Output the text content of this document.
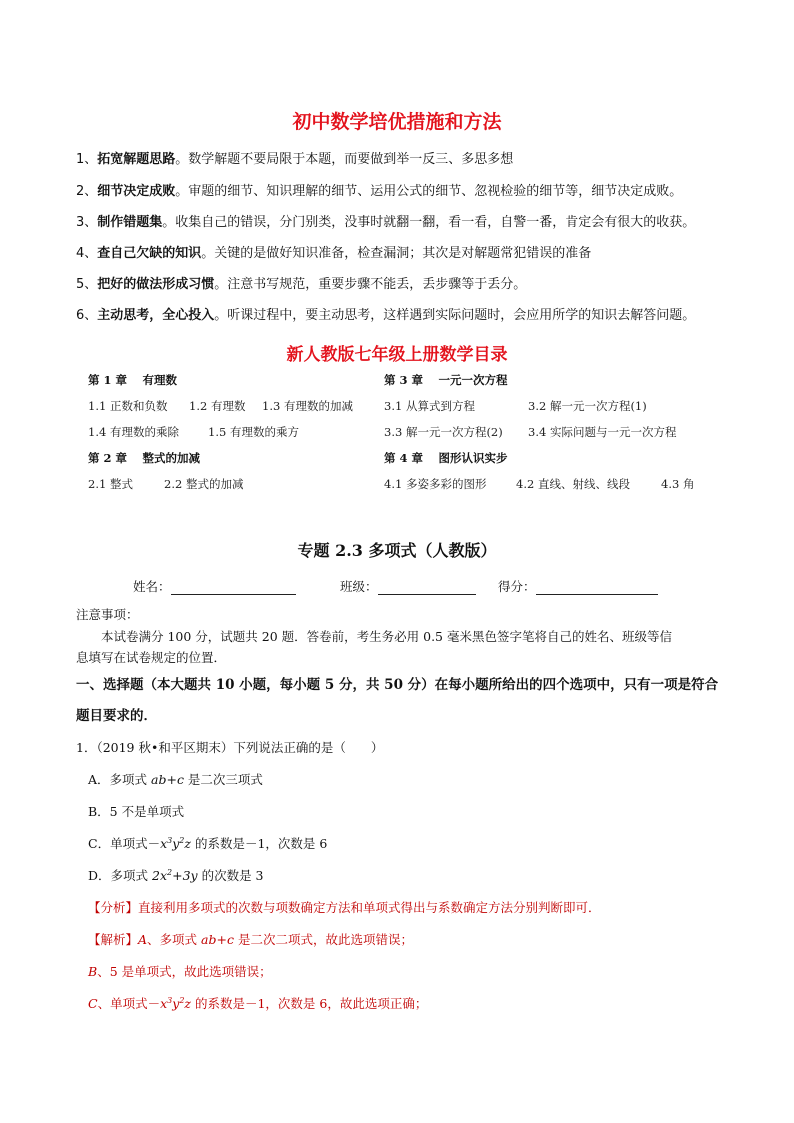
初中数学培优措施和方法
1、拓宽解题思路。数学解题不要局限于本题，而要做到举一反三、多思多想
2、细节决定成败。审题的细节、知识理解的细节、运用公式的细节、忽视检验的细节等，细节决定成败。
3、制作错题集。收集自己的错误，分门别类，没事时就翻一翻，看一看，自警一番，肯定会有很大的收获。
4、查自己欠缺的知识。关键的是做好知识准备，检查漏洞；其次是对解题常犯错误的准备
5、把好的做法形成习惯。注意书写规范，重要步骤不能丢，丢步骤等于丢分。
6、主动思考，全心投入。听课过程中，要主动思考，这样遇到实际问题时，会应用所学的知识去解答问题。
新人教版七年级上册数学目录
第 1 章　 有理数
1.1 正数和负数 1.2 有理数 1.3 有理数的加减
1.4 有理数的乘除	1.5 有理数的乘方
第 2 章　 整式的加减
2.1 整式	2.2 整式的加减
第 3 章　 一元一次方程
3.1 从算式到方程	3.2 解一元一次方程(1)
3.3 解一元一次方程(2) 3.4 实际问题与一元一次方程
第 4 章　 图形认识实步
4.1 多姿多彩的图形	4.2 直线、射线、线段	4.3 角
专题 2.3 多项式（人教版）
姓名：	班级：	得分：
注意事项：
本试卷满分 100 分，试题共 20 题．答卷前，考生务必用 0.5 毫米黑色签字笔将自己的姓名、班级等信
息填写在试卷规定的位置．
一、选择题（本大题共 10 小题，每小题 5 分，共 50 分）在每小题所给出的四个选项中，只有一项是符合
题目要求的．
1．（2019 秋•和平区期末）下列说法正确的是（　　）
A．多项式 ab+c 是二次三项式
B．5 不是单项式
C．单项式$-x^3y^2z$ 的系数是－1，次数是 6
D．多项式 $2x^2+3y$ 的次数是 3
【分析】直接利用多项式的次数与项数确定方法和单项式得出与系数确定方法分别判断即可．
【解析】A、多项式 ab+c 是二次二项式，故此选项错误；
B、5 是单项式，故此选项错误；
C、单项式$-x^3y^2z$ 的系数是－1，次数是 6，故此选项正确；
